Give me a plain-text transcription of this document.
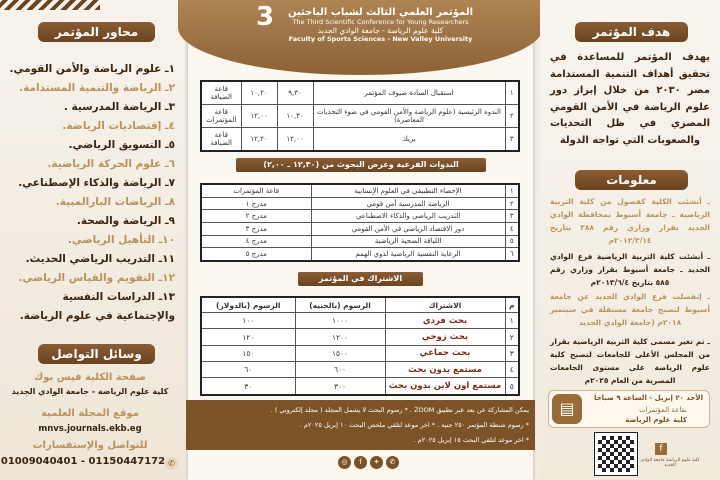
محاور المؤتمر
١ـ علوم الرياضة والأمن القومي.
٢ـ الرياضة والتنمية المستدامة.
٣ـ الرياضة المدرسية .
٤ـ إقتصاديات الرياضة.
٥ـ التسويق الرياضي.
٦ـ علوم الحركة الرياضية.
٧ـ الرياضة والذكاء الإصطناعي.
٨ـ الرياضات البارالمبية.
٩ـ الرياضة والصحة.
١٠ـ التأهيل الرياضي.
١١ـ التدريب الرياضي الحديث.
١٢ـ التقويم والقياس الرياضي.
١٣ـ الدراسات النفسية
والإجتماعية في علوم الرياضة.
وسائل التواصل
صفحة الكلية فيس بوك
كلية علوم الرياضة - جامعة الوادي الجديد
موقع المجلة العلمية
mnvs.journals.ekb.eg
للتواصل والإستفسارات
01009040401 - 01150447172 ✆
3	المؤتمر العلمي الثالث لشباب الباحثين
The Third Scientific Conference for Young Researchers
كلية علوم الرياضة - جامعة الوادي الجديد
Faculty of Sports Sciences - New Valley University
١	استقبال السادة ضيوف المؤتمر	٩,٣٠	١٠,٢٠	قاعة الضيافة
٢	الندوة الرئيسية (علوم الرياضة والأمن القومي في ضوء التحديات المعاصرة)	١٠,٣٠	١٢,٠٠	قاعة المؤتمرات
٣	بريك	١٢,٠٠	١٢,٢٠	قاعة الضيافة
الندوات الفرعية وعرض البحوث من (١٢,٣٠ ـ ٢,٠٠)
١	الإحصاء التطبيقي في العلوم الإنسانية	قاعة المؤتمرات
٢	الرياضة المدرسية أمن قومي	مدرج ١
٣	التدريب الرياضي والذكاء الاصطناعي	مدرج ٢
٤	دور الاقتصاد الرياضي في الأمن القومي	مدرج ٣
٥	اللياقة الصحية الرياضية	مدرج ٤
٦	الرعاية النفسية الرياضية لذوي الهمم	مدرج ٥
الاشتراك في المؤتمر
م	الاشتراك	الرسوم (بالجنيه)	الرسوم (بالدولار)
١	بحث فردي	١٠٠٠	١٠٠
٢	بحث زوجي	١٢٠٠	١٢٠
٣	بحث جماعي	١٥٠٠	١٥٠
٤	مستمع بدون بحث	٦٠٠	٦٠
٥	مستمع اون لاين بدون بحث	٣٠٠	٣٠
يمكن المشاركة عن بعد عبر تطبيق ZOOM . * رسوم البحث لا يشمل المجلد ( مجلد إلكتروني ) .
* رسوم شنطة المؤتمر ٢٥٠ جنيه . * اخر موعد لتلقي ملخص البحث ١٠ إبريل ٢٠٢٥م .
* اخر موعد لتلقي البحث ١٥ إبريل ٢٠٢٥م .
◎	f	✦	✆
هدف المؤتمر
يهدف المؤتمر للمساعدة في تحقيق أهداف التنمية المستدامة مصر ٢٠٣٠ من خلال إبراز دور علوم الرياضة في الأمن القومي المصري في ظل التحديات والصعوبات التي تواجه الدولة
معلومات
ـ أنشئت الكلية كفصول من كلية التربية الرياضية ـ جامعة أسيوط بمحافظة الوادي الجديد بقرار وزاري رقم ٣٨٨ بتاريخ ٢٠١٢/٣/١٤م
ـ أنشئت كلية التربية الرياضية فرع الوادي الجديد ـ جامعة أسيوط بقرار وزاري رقم ٥٨٥ بتاريخ ٢٠١٣/٦/٤م
ـ إنفصلت فرع الوادي الجديد عن جامعة أسيوط لتصبح جامعة مستقلة في سبتمبر ٢٠١٨م (جامعة الوادي الجديد
ـ تم تغير مسمى كلية التربية الرياضية بقرار من المجلس الأعلى للجامعات لتصبح كلية علوم الرياضة على مستوى الجامعات المصرية من العام ٢٠٢٥م
▤
الأحد ٢٠ إبريل - الساعة ٩ صباحا
بقاعة المؤتمرات
كلية علوم الرياضة
f
كلية علوم الرياضة جامعة الوادي الجديد
